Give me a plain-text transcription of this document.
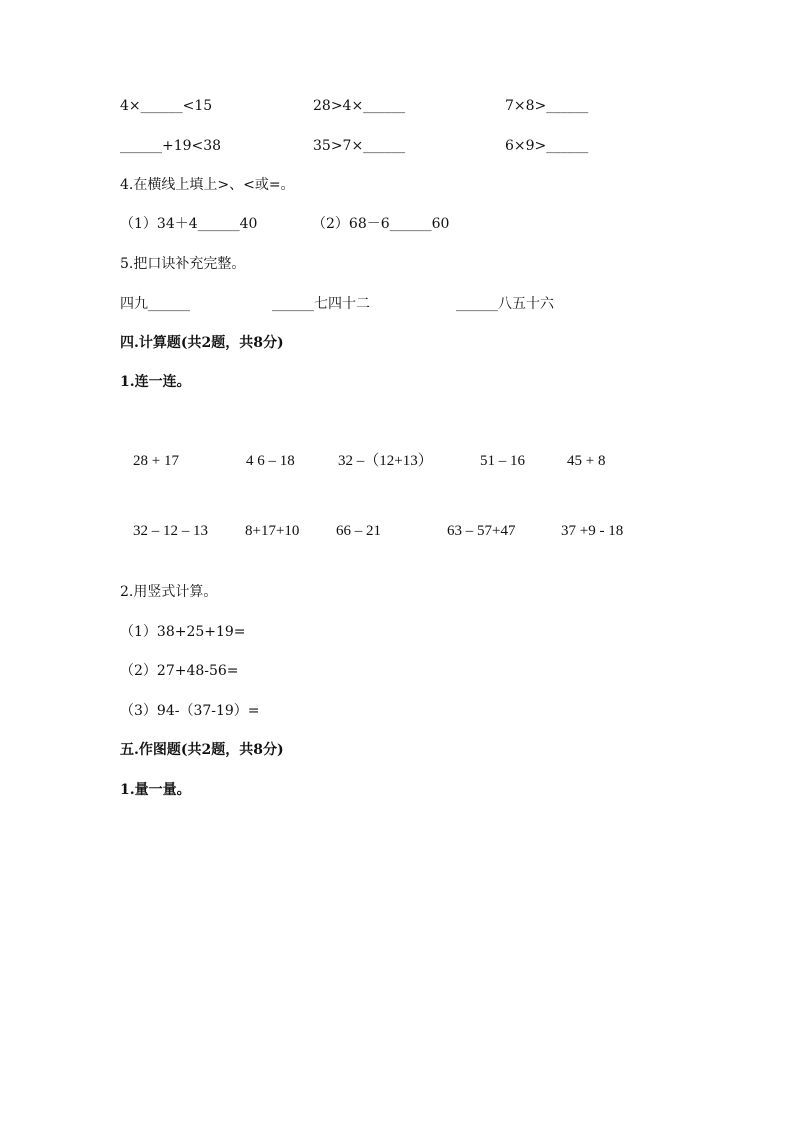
4×______<15	28>4×______	7×8>______
______+19<38	35>7×______	6×9>______
4.在横线上填上>、<或=。
（1）34＋4______40	（2）68－6______60
5.把口诀补充完整。
四九______	______七四十二	______八五十六
四.计算题(共2题，共8分)
1.连一连。
28 + 17	4 6 – 18	32 –（12+13）	51 – 16	45 + 8
32 – 12 – 13 8+17+10 66 – 21	63 – 57+47	37 +9 - 18
2.用竖式计算。
（1）38+25+19=
（2）27+48-56=
（3）94-（37-19）=
五.作图题(共2题，共8分)
1.量一量。
